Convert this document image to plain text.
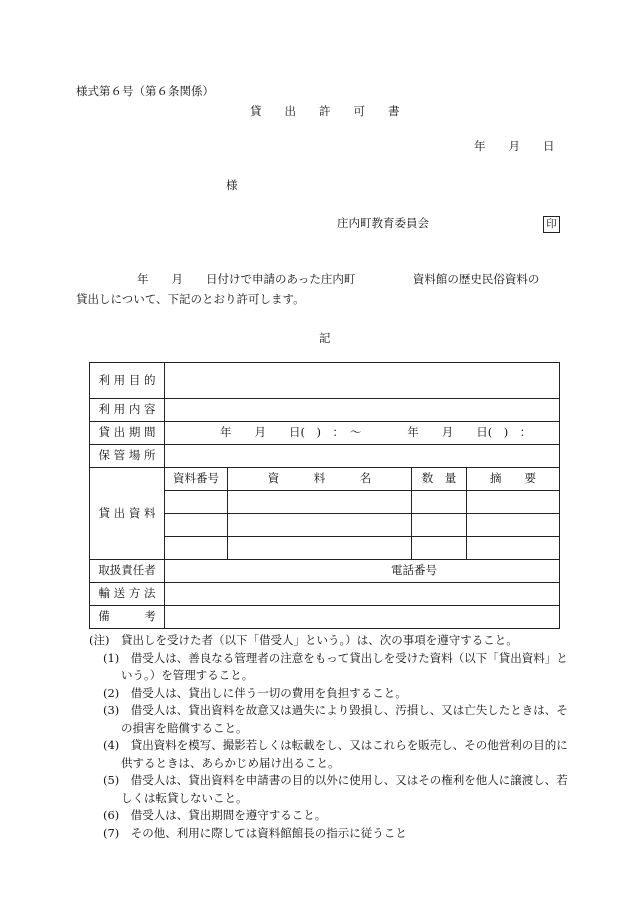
様式第６号（第６条関係）
貸　　出　　許　　可　　書
年　　月　　日
様
庄内町教育委員会	印
年　　月　　日付けで申請のあった庄内町　　　　　資料館の歴史民俗資料の
貸出しについて、下記のとおり許可します。
記
利 用 目 的				
利 用 内 容				
貸 出 期 間	年　　月　　日(　)　：　〜　　　　年　　月　　日(　)　：			
保 管 場 所				
貸 出 資 料	資料番号	資　　　料　　　名	数　量	摘　　要

取扱責任者	電話番号			

輸 送 方 法				
備　　　考				
(注)　貸出しを受けた者（以下「借受人」という。）は、次の事項を遵守すること。
(1)　借受人は、善良なる管理者の注意をもって貸出しを受けた資料（以下「貸出資料」という。）を管理すること。
(2)　借受人は、貸出しに伴う一切の費用を負担すること。
(3)　借受人は、貸出資料を故意又は過失により毀損し、汚損し、又は亡失したときは、その損害を賠償すること。
(4)　貸出資料を模写、撮影若しくは転載をし、又はこれらを販売し、その他営利の目的に供するときは、あらかじめ届け出ること。
(5)　借受人は、貸出資料を申請書の目的以外に使用し、又はその権利を他人に譲渡し、若しくは転貸しないこと。
(6)　借受人は、貸出期間を遵守すること。
(7)　その他、利用に際しては資料館館長の指示に従うこと
